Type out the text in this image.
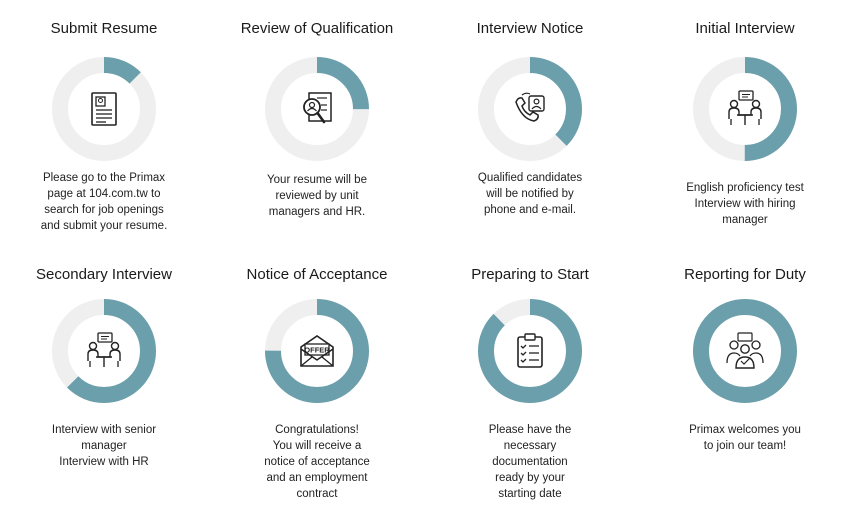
Submit Resume
Please go to the Primax
page at 104.com.tw to
search for job openings
and submit your resume.
Review of Qualification
Your resume will be
reviewed by unit
managers and HR.
Interview Notice
Qualified candidates
will be notified by
phone and e-mail.
Initial Interview
English proficiency test
Interview with hiring
manager
Secondary Interview
Interview with senior
manager
Interview with HR
Notice of Acceptance
OFFER
Congratulations!
You will receive a
notice of acceptance
and an employment
contract
Preparing to Start
Please have the
necessary
documentation
ready by your
starting date
Reporting for Duty
Primax welcomes you
to join our team!
